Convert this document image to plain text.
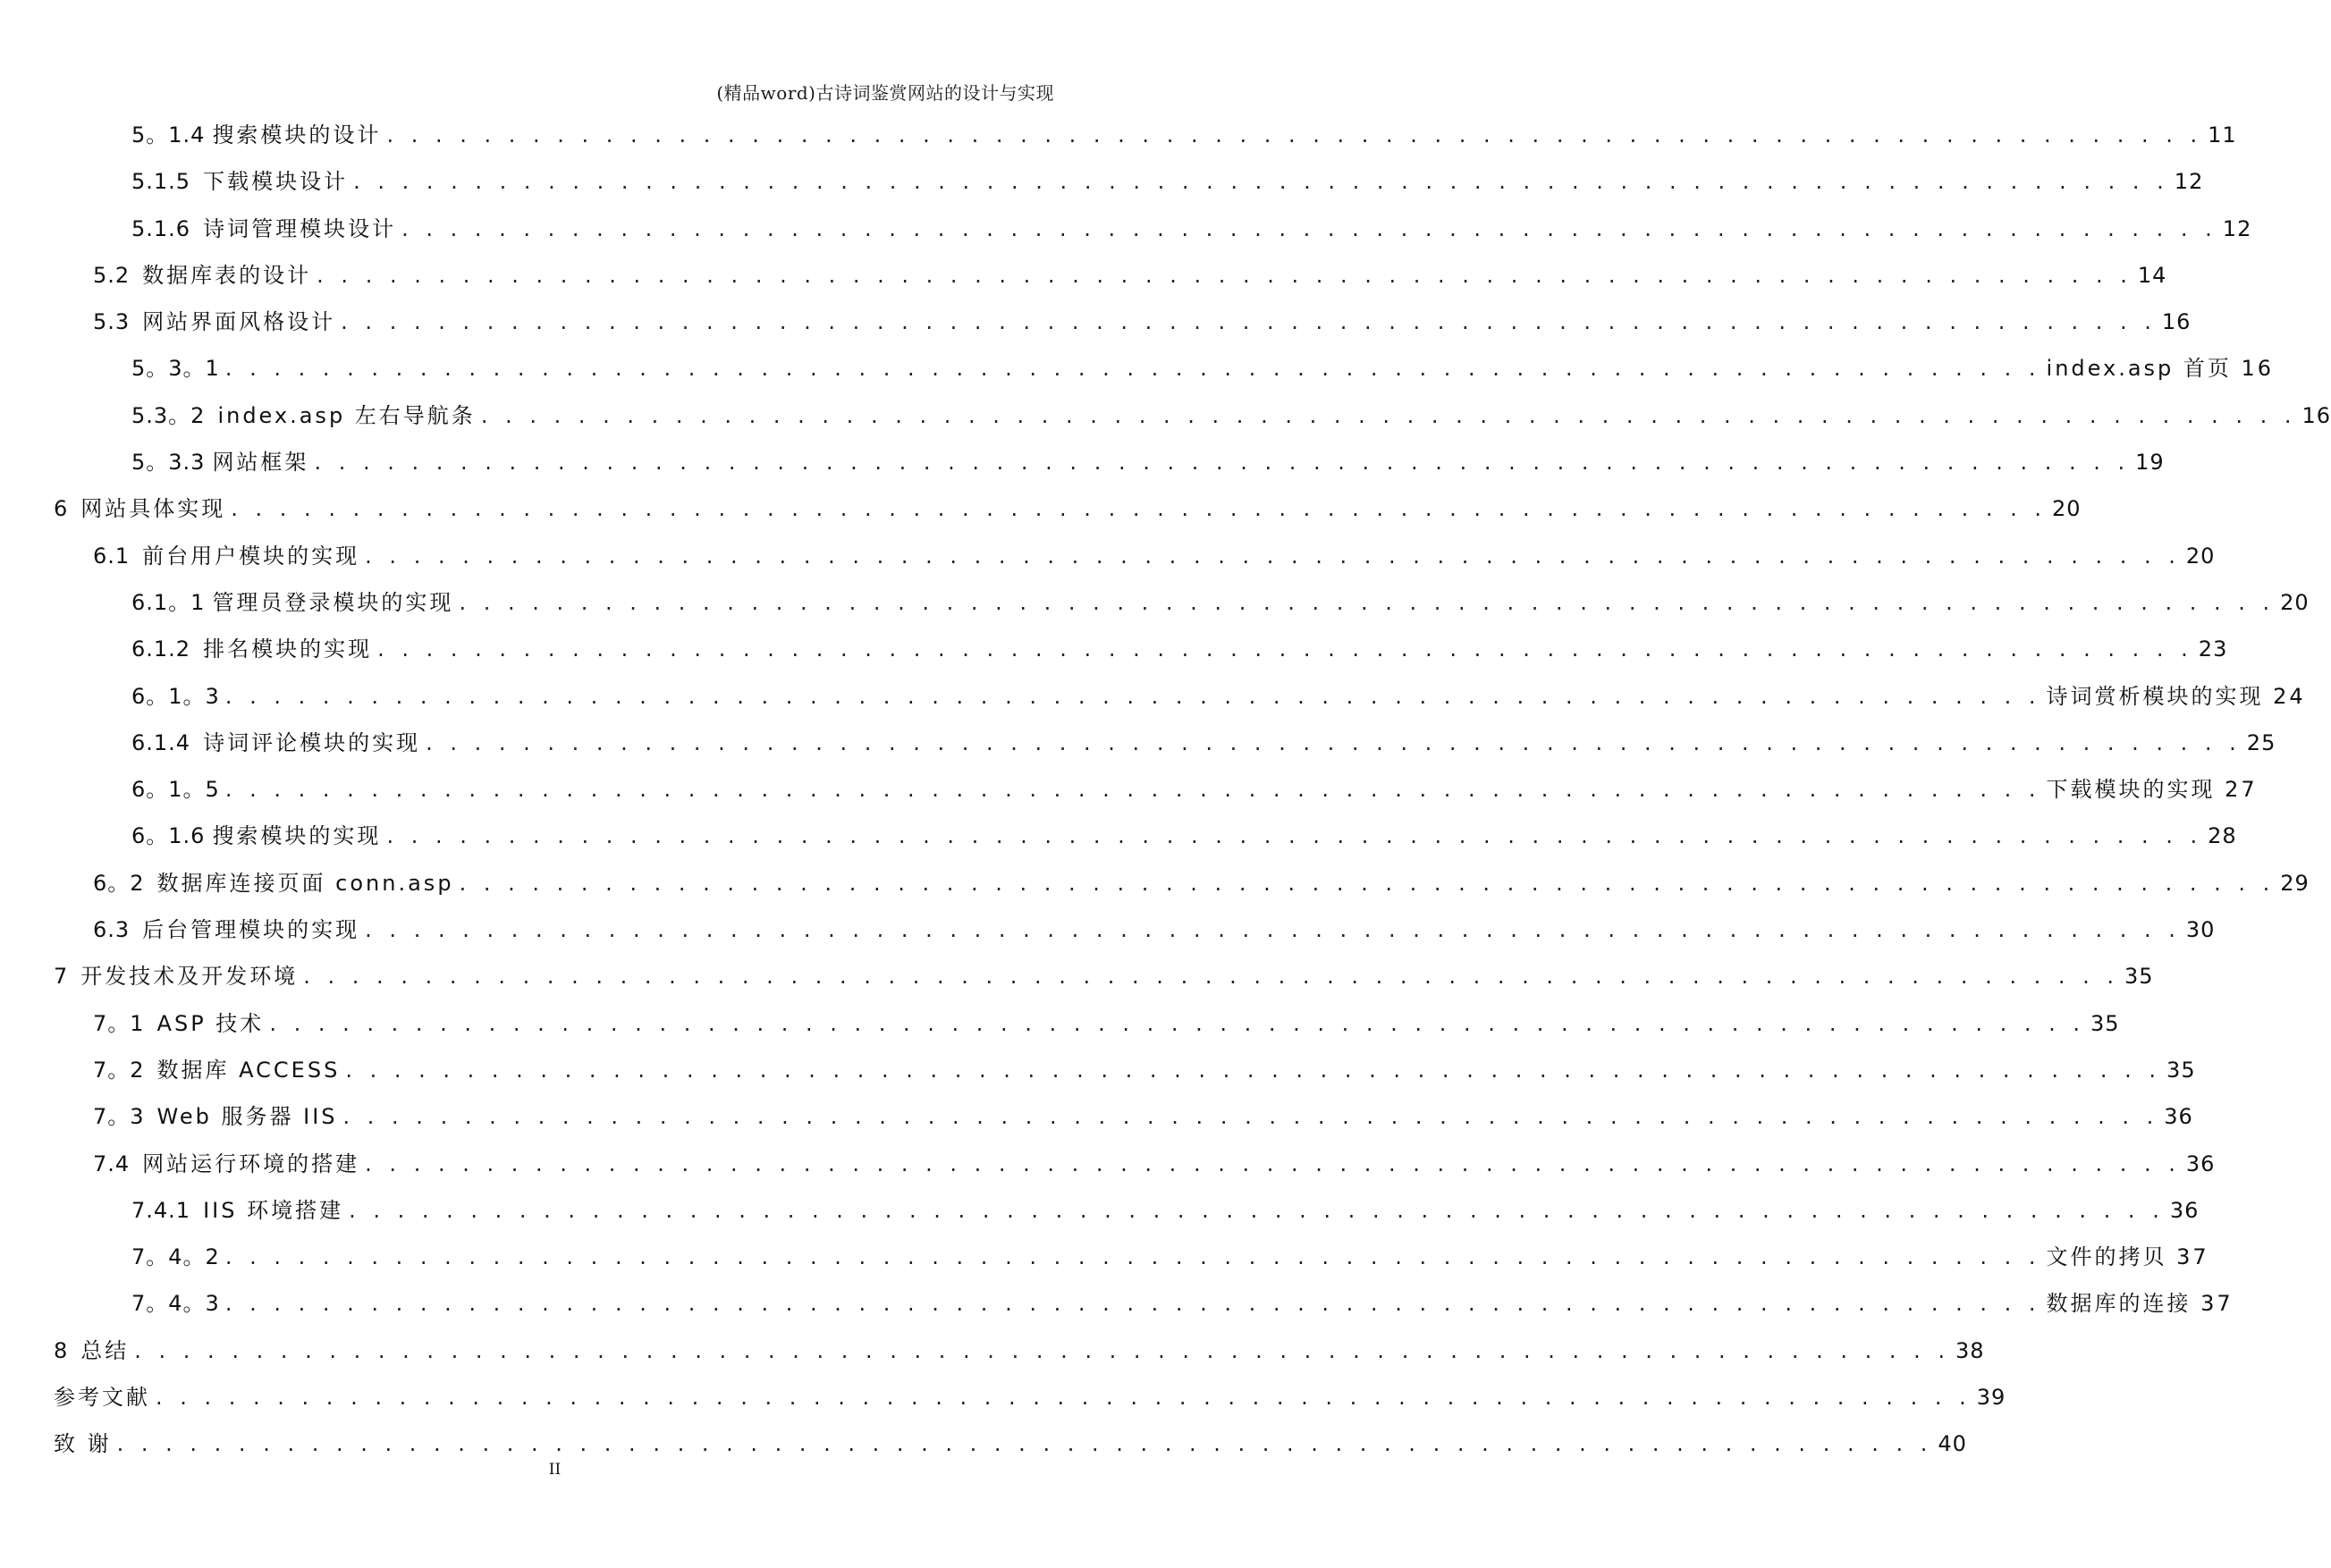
(精品word)古诗词鉴赏网站的设计与实现
5。1.4 搜索模块的设计 . . . . . . . . . . . . . . . . . . . . . . . . . . . . . . . . . . . . . . . . . . . . . . . . . . . . . . . . . . . . . . . . . . . . . . . . . . . 11
5.1.5 下载模块设计 . . . . . . . . . . . . . . . . . . . . . . . . . . . . . . . . . . . . . . . . . . . . . . . . . . . . . . . . . . . . . . . . . . . . . . . . . . . 12
5.1.6 诗词管理模块设计 . . . . . . . . . . . . . . . . . . . . . . . . . . . . . . . . . . . . . . . . . . . . . . . . . . . . . . . . . . . . . . . . . . . . . . . . . . . 12
5.2 数据库表的设计 . . . . . . . . . . . . . . . . . . . . . . . . . . . . . . . . . . . . . . . . . . . . . . . . . . . . . . . . . . . . . . . . . . . . . . . . . . . 14
5.3 网站界面风格设计 . . . . . . . . . . . . . . . . . . . . . . . . . . . . . . . . . . . . . . . . . . . . . . . . . . . . . . . . . . . . . . . . . . . . . . . . . . . 16
5。3。1 . . . . . . . . . . . . . . . . . . . . . . . . . . . . . . . . . . . . . . . . . . . . . . . . . . . . . . . . . . . . . . . . . . . . . . . . . . . index.asp 首页 16
5.3。2 index.asp 左右导航条 . . . . . . . . . . . . . . . . . . . . . . . . . . . . . . . . . . . . . . . . . . . . . . . . . . . . . . . . . . . . . . . . . . . . . . . . . . . 16
5。3.3 网站框架 . . . . . . . . . . . . . . . . . . . . . . . . . . . . . . . . . . . . . . . . . . . . . . . . . . . . . . . . . . . . . . . . . . . . . . . . . . . 19
6 网站具体实现 . . . . . . . . . . . . . . . . . . . . . . . . . . . . . . . . . . . . . . . . . . . . . . . . . . . . . . . . . . . . . . . . . . . . . . . . . . . 20
6.1 前台用户模块的实现 . . . . . . . . . . . . . . . . . . . . . . . . . . . . . . . . . . . . . . . . . . . . . . . . . . . . . . . . . . . . . . . . . . . . . . . . . . . 20
6.1。1 管理员登录模块的实现 . . . . . . . . . . . . . . . . . . . . . . . . . . . . . . . . . . . . . . . . . . . . . . . . . . . . . . . . . . . . . . . . . . . . . . . . . . . 20
6.1.2 排名模块的实现 . . . . . . . . . . . . . . . . . . . . . . . . . . . . . . . . . . . . . . . . . . . . . . . . . . . . . . . . . . . . . . . . . . . . . . . . . . . 23
6。1。3 . . . . . . . . . . . . . . . . . . . . . . . . . . . . . . . . . . . . . . . . . . . . . . . . . . . . . . . . . . . . . . . . . . . . . . . . . . . 诗词赏析模块的实现 24
6.1.4 诗词评论模块的实现 . . . . . . . . . . . . . . . . . . . . . . . . . . . . . . . . . . . . . . . . . . . . . . . . . . . . . . . . . . . . . . . . . . . . . . . . . . . 25
6。1。5 . . . . . . . . . . . . . . . . . . . . . . . . . . . . . . . . . . . . . . . . . . . . . . . . . . . . . . . . . . . . . . . . . . . . . . . . . . . 下载模块的实现 27
6。1.6 搜索模块的实现 . . . . . . . . . . . . . . . . . . . . . . . . . . . . . . . . . . . . . . . . . . . . . . . . . . . . . . . . . . . . . . . . . . . . . . . . . . . 28
6。2 数据库连接页面 conn.asp . . . . . . . . . . . . . . . . . . . . . . . . . . . . . . . . . . . . . . . . . . . . . . . . . . . . . . . . . . . . . . . . . . . . . . . . . . . 29
6.3 后台管理模块的实现 . . . . . . . . . . . . . . . . . . . . . . . . . . . . . . . . . . . . . . . . . . . . . . . . . . . . . . . . . . . . . . . . . . . . . . . . . . . 30
7 开发技术及开发环境 . . . . . . . . . . . . . . . . . . . . . . . . . . . . . . . . . . . . . . . . . . . . . . . . . . . . . . . . . . . . . . . . . . . . . . . . . . . 35
7。1 ASP 技术 . . . . . . . . . . . . . . . . . . . . . . . . . . . . . . . . . . . . . . . . . . . . . . . . . . . . . . . . . . . . . . . . . . . . . . . . . . . 35
7。2 数据库 ACCESS . . . . . . . . . . . . . . . . . . . . . . . . . . . . . . . . . . . . . . . . . . . . . . . . . . . . . . . . . . . . . . . . . . . . . . . . . . . 35
7。3 Web 服务器 IIS . . . . . . . . . . . . . . . . . . . . . . . . . . . . . . . . . . . . . . . . . . . . . . . . . . . . . . . . . . . . . . . . . . . . . . . . . . . 36
7.4 网站运行环境的搭建 . . . . . . . . . . . . . . . . . . . . . . . . . . . . . . . . . . . . . . . . . . . . . . . . . . . . . . . . . . . . . . . . . . . . . . . . . . . 36
7.4.1 IIS 环境搭建 . . . . . . . . . . . . . . . . . . . . . . . . . . . . . . . . . . . . . . . . . . . . . . . . . . . . . . . . . . . . . . . . . . . . . . . . . . . 36
7。4。2 . . . . . . . . . . . . . . . . . . . . . . . . . . . . . . . . . . . . . . . . . . . . . . . . . . . . . . . . . . . . . . . . . . . . . . . . . . . 文件的拷贝 37
7。4。3 . . . . . . . . . . . . . . . . . . . . . . . . . . . . . . . . . . . . . . . . . . . . . . . . . . . . . . . . . . . . . . . . . . . . . . . . . . . 数据库的连接 37
8 总结 . . . . . . . . . . . . . . . . . . . . . . . . . . . . . . . . . . . . . . . . . . . . . . . . . . . . . . . . . . . . . . . . . . . . . . . . . . . 38
参考文献 . . . . . . . . . . . . . . . . . . . . . . . . . . . . . . . . . . . . . . . . . . . . . . . . . . . . . . . . . . . . . . . . . . . . . . . . . . . 39
致 谢 . . . . . . . . . . . . . . . . . . . . . . . . . . . . . . . . . . . . . . . . . . . . . . . . . . . . . . . . . . . . . . . . . . . . . . . . . . . 40
II
